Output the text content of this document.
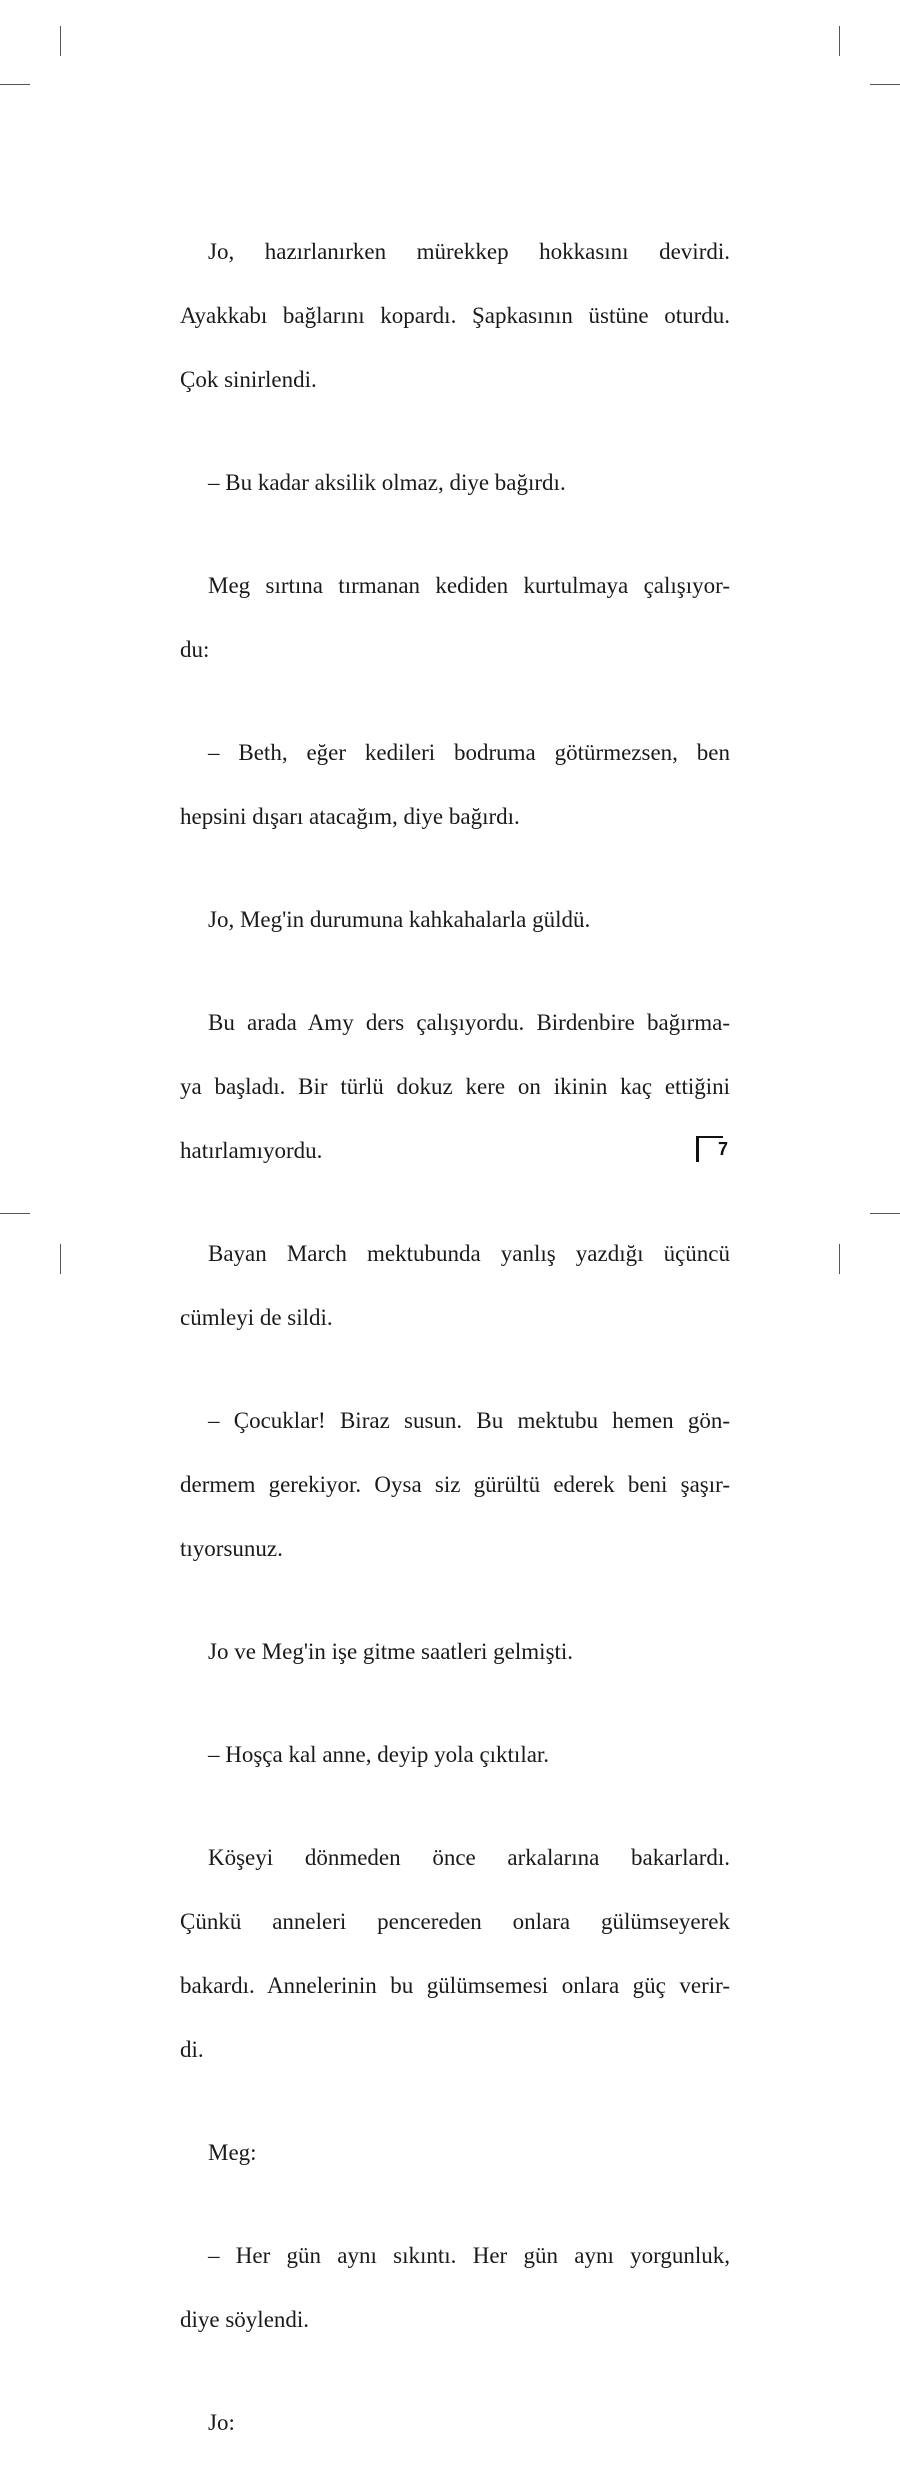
Jo, hazırlanırken mürekkep hokkasını devirdi.

Ayakkabı bağlarını kopardı. Şapkasının üstüne oturdu.

Çok sinirlendi.

– Bu kadar aksilik olmaz, diye bağırdı.

Meg sırtına tırmanan kediden kurtulmaya çalışıyor-

du:

– Beth, eğer kedileri bodruma götürmezsen, ben

hepsini dışarı atacağım, diye bağırdı.

Jo, Meg'in durumuna kahkahalarla güldü.

Bu arada Amy ders çalışıyordu. Birdenbire bağırma-

ya başladı. Bir türlü dokuz kere on ikinin kaç ettiğini

hatırlamıyordu.

Bayan March mektubunda yanlış yazdığı üçüncü

cümleyi de sildi.

– Çocuklar! Biraz susun. Bu mektubu hemen gön-

dermem gerekiyor. Oysa siz gürültü ederek beni şaşır-

tıyorsunuz.

Jo ve Meg'in işe gitme saatleri gelmişti.

– Hoşça kal anne, deyip yola çıktılar.

Köşeyi dönmeden önce arkalarına bakarlardı.

Çünkü anneleri pencereden onlara gülümseyerek

bakardı. Annelerinin bu gülümsemesi onlara güç verir-

di.

Meg:

– Her gün aynı sıkıntı. Her gün aynı yorgunluk,

diye söylendi.

Jo:

7
